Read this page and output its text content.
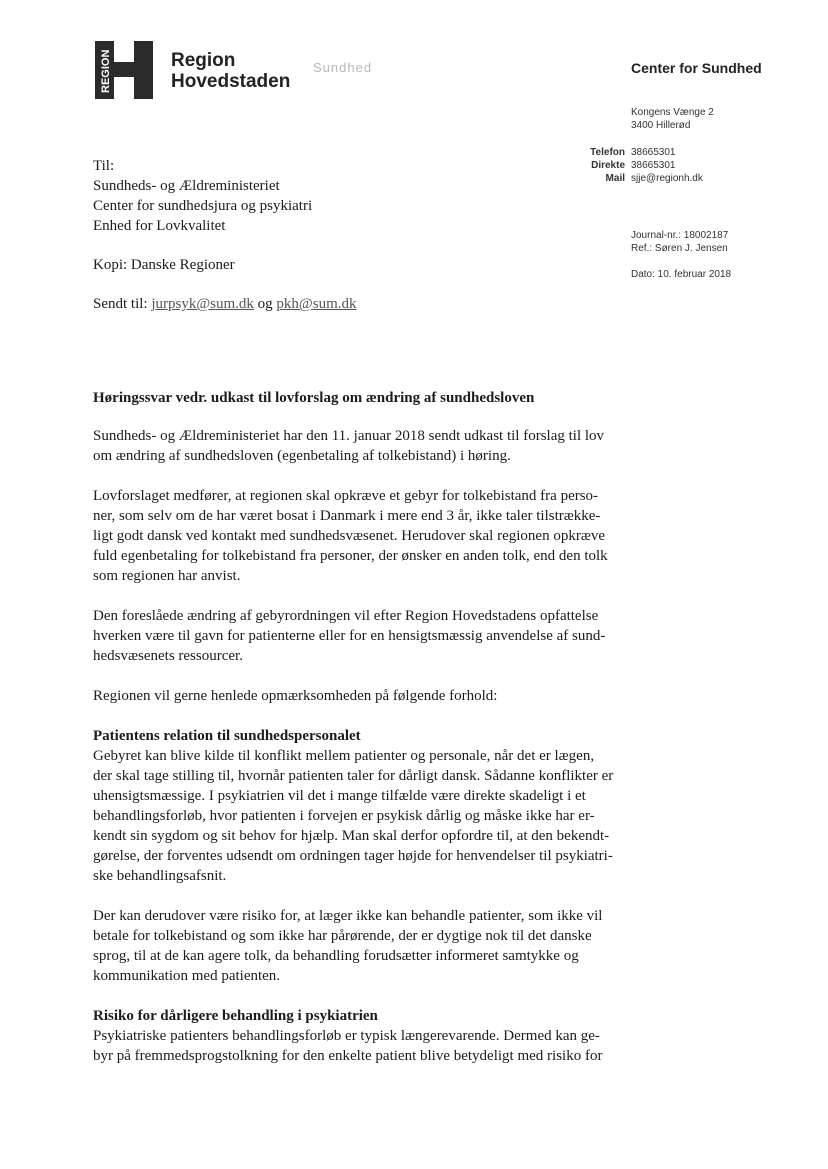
REGION	Region
Hovedstaden
Sundhed	Center for Sundhed
Kongens Vænge 2
3400 Hillerød
Telefon 38665301
Direkte 38665301
Mail sjje@regionh.dk
Journal-nr.: 18002187
Ref.: Søren J. Jensen
Dato: 10. februar 2018
Til:
Sundheds- og Ældreministeriet
Center for sundhedsjura og psykiatri
Enhed for Lovkvalitet
Kopi: Danske Regioner
Sendt til: jurpsyk@sum.dk og pkh@sum.dk

Høringssvar vedr. udkast til lovforslag om ændring af sundhedsloven

Sundheds- og Ældreministeriet har den 11. januar 2018 sendt udkast til forslag til lov
om ændring af sundhedsloven (egenbetaling af tolkebistand) i høring.

Lovforslaget medfører, at regionen skal opkræve et gebyr for tolkebistand fra perso-
ner, som selv om de har været bosat i Danmark i mere end 3 år, ikke taler tilstrække-
ligt godt dansk ved kontakt med sundhedsvæsenet. Herudover skal regionen opkræve
fuld egenbetaling for tolkebistand fra personer, der ønsker en anden tolk, end den tolk
som regionen har anvist.

Den foreslåede ændring af gebyrordningen vil efter Region Hovedstadens opfattelse
hverken være til gavn for patienterne eller for en hensigtsmæssig anvendelse af sund-
hedsvæsenets ressourcer.

Regionen vil gerne henlede opmærksomheden på følgende forhold:

Patientens relation til sundhedspersonalet

Gebyret kan blive kilde til konflikt mellem patienter og personale, når det er lægen,
der skal tage stilling til, hvornår patienten taler for dårligt dansk. Sådanne konflikter er
uhensigtsmæssige. I psykiatrien vil det i mange tilfælde være direkte skadeligt i et
behandlingsforløb, hvor patienten i forvejen er psykisk dårlig og måske ikke har er-
kendt sin sygdom og sit behov for hjælp. Man skal derfor opfordre til, at den bekendt-
gørelse, der forventes udsendt om ordningen tager højde for henvendelser til psykiatri-
ske behandlingsafsnit.

Der kan derudover være risiko for, at læger ikke kan behandle patienter, som ikke vil
betale for tolkebistand og som ikke har pårørende, der er dygtige nok til det danske
sprog, til at de kan agere tolk, da behandling forudsætter informeret samtykke og
kommunikation med patienten.

Risiko for dårligere behandling i psykiatrien

Psykiatriske patienters behandlingsforløb er typisk længerevarende. Dermed kan ge-
byr på fremmedsprogstolkning for den enkelte patient blive betydeligt med risiko for
